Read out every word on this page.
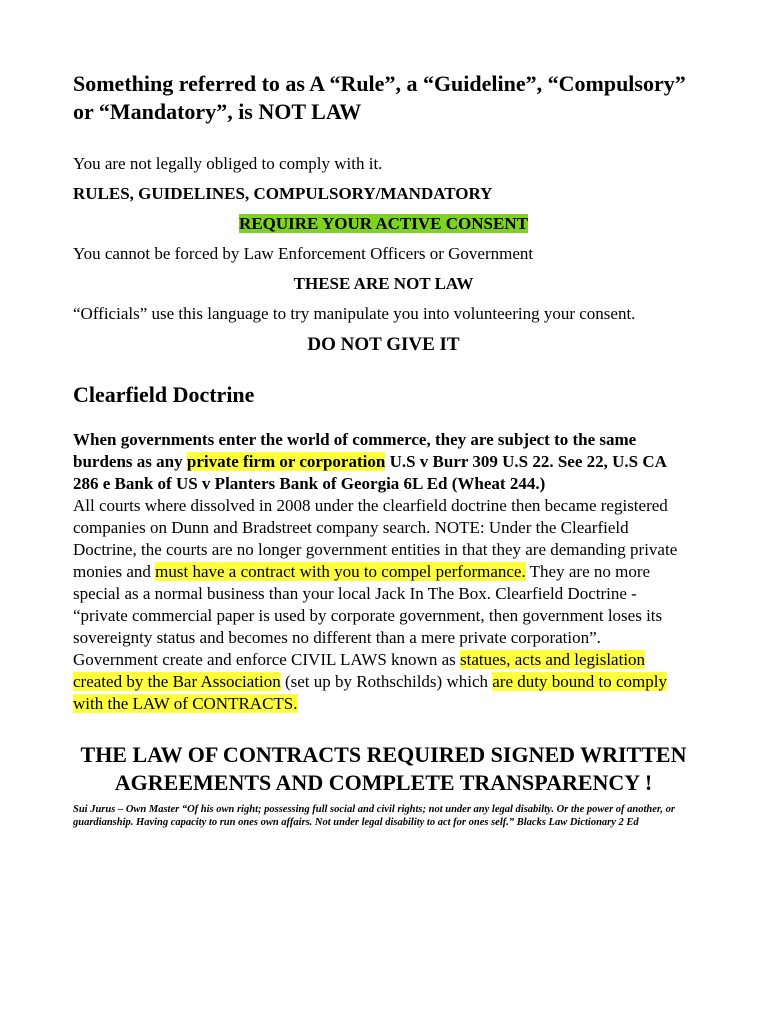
Something referred to as A “Rule”, a “Guideline”, “Compulsory” or “Mandatory”, is NOT LAW

You are not legally obliged to comply with it.

RULES, GUIDELINES, COMPULSORY/MANDATORY

REQUIRE YOUR ACTIVE CONSENT

You cannot be forced by Law Enforcement Officers or Government

THESE ARE NOT LAW

“Officials” use this language to try manipulate you into volunteering your consent.

DO NOT GIVE IT

Clearfield Doctrine

When governments enter the world of commerce, they are subject to the same burdens as any private firm or corporation U.S v Burr 309 U.S 22. See 22, U.S CA 286 e Bank of US v Planters Bank of Georgia 6L Ed (Wheat 244.)

All courts where dissolved in 2008 under the clearfield doctrine then became registered companies on Dunn and Bradstreet company search. NOTE: Under the Clearfield Doctrine, the courts are no longer government entities in that they are demanding private monies and must have a contract with you to compel performance. They are no more special as a normal business than your local Jack In The Box. Clearfield Doctrine - “private commercial paper is used by corporate government, then government loses its sovereignty status and becomes no different than a mere private corporation”.

Government create and enforce CIVIL LAWS known as statues, acts and legislation created by the Bar Association (set up by Rothschilds) which are duty bound to comply with the LAW of CONTRACTS.

THE LAW OF CONTRACTS REQUIRED SIGNED WRITTEN AGREEMENTS AND COMPLETE TRANSPARENCY !

Sui Jurus – Own Master “Of his own right; possessing full social and civil rights; not under any legal disabilty. Or the power of another, or guardianship. Having capacity to run ones own affairs. Not under legal disability to act for ones self.” Blacks Law Dictionary 2 Ed
